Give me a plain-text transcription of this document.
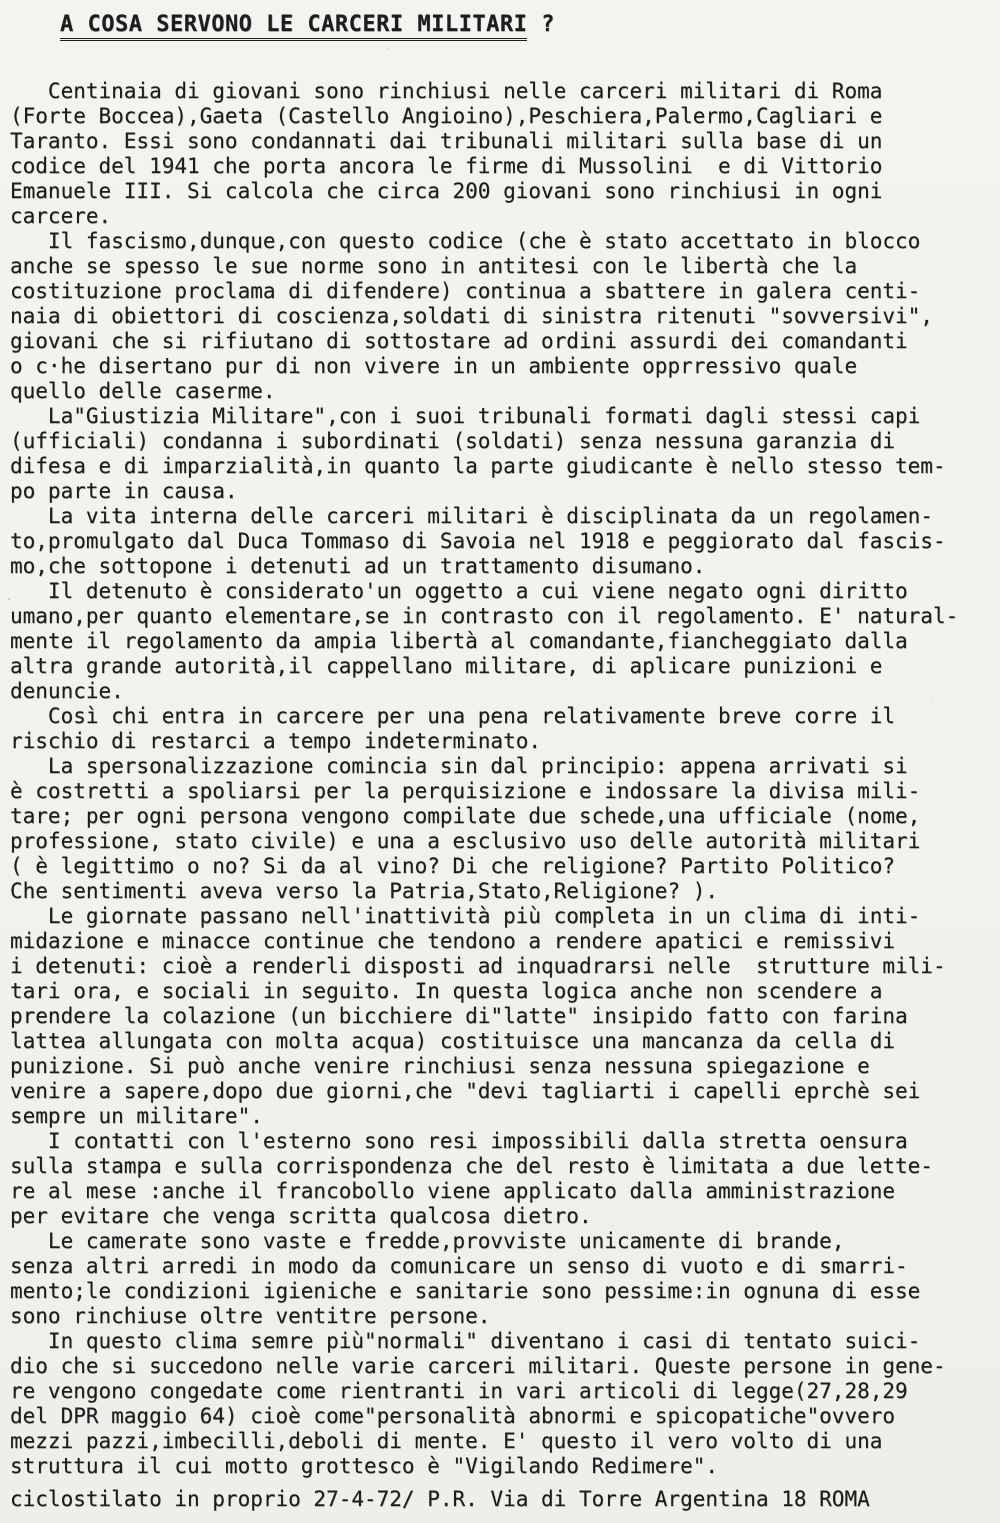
A COSA SERVONO LE CARCERI MILITARI ?
Centinaia di giovani sono rinchiusi nelle carceri militari di Roma
(Forte Boccea),Gaeta (Castello Angioino),Peschiera,Palermo,Cagliari e
Taranto. Essi sono condannati dai tribunali militari sulla base di un
codice del 1941 che porta ancora le firme di Mussolini  e di Vittorio
Emanuele III. Si calcola che circa 200 giovani sono rinchiusi in ogni
carcere.
Il fascismo,dunque,con questo codice (che è stato accettato in blocco
anche se spesso le sue norme sono in antitesi con le libertà che la
costituzione proclama di difendere) continua a sbattere in galera centi-
naia di obiettori di coscienza,soldati di sinistra ritenuti "sovversivi",
giovani che si rifiutano di sottostare ad ordini assurdi dei comandanti
o c·he disertano pur di non vivere in un ambiente opprressivo quale
quello delle caserme.
La"Giustizia Militare",con i suoi tribunali formati dagli stessi capi
(ufficiali) condanna i subordinati (soldati) senza nessuna garanzia di
difesa e di imparzialità,in quanto la parte giudicante è nello stesso tem-
po parte in causa.
La vita interna delle carceri militari è disciplinata da un regolamen-
to,promulgato dal Duca Tommaso di Savoia nel 1918 e peggiorato dal fascis-
mo,che sottopone i detenuti ad un trattamento disumano.
Il detenuto è considerato'un oggetto a cui viene negato ogni diritto
umano,per quanto elementare,se in contrasto con il regolamento. E' natural-
mente il regolamento da ampia libertà al comandante,fiancheggiato dalla
altra grande autorità,il cappellano militare, di aplicare punizioni e
denuncie.
Così chi entra in carcere per una pena relativamente breve corre il
rischio di restarci a tempo indeterminato.
La spersonalizzazione comincia sin dal principio: appena arrivati si
è costretti a spoliarsi per la perquisizione e indossare la divisa mili-
tare; per ogni persona vengono compilate due schede,una ufficiale (nome,
professione, stato civile) e una a esclusivo uso delle autorità militari
( è legittimo o no? Si da al vino? Di che religione? Partito Politico?
Che sentimenti aveva verso la Patria,Stato,Religione? ).
Le giornate passano nell'inattività più completa in un clima di inti-
midazione e minacce continue che tendono a rendere apatici e remissivi
i detenuti: cioè a renderli disposti ad inquadrarsi nelle  strutture mili-
tari ora, e sociali in seguito. In questa logica anche non scendere a
prendere la colazione (un bicchiere di"latte" insipido fatto con farina
lattea allungata con molta acqua) costituisce una mancanza da cella di
punizione. Si può anche venire rinchiusi senza nessuna spiegazione e
venire a sapere,dopo due giorni,che "devi tagliarti i capelli eprchè sei
sempre un militare".
I contatti con l'esterno sono resi impossibili dalla stretta oensura
sulla stampa e sulla corrispondenza che del resto è limitata a due lette-
re al mese :anche il francobollo viene applicato dalla amministrazione
per evitare che venga scritta qualcosa dietro.
Le camerate sono vaste e fredde,provviste unicamente di brande,
senza altri arredi in modo da comunicare un senso di vuoto e di smarri-
mento;le condizioni igieniche e sanitarie sono pessime:in ognuna di esse
sono rinchiuse oltre ventitre persone.
In questo clima semre più"normali" diventano i casi di tentato suici-
dio che si succedono nelle varie carceri militari. Queste persone in gene-
re vengono congedate come rientranti in vari articoli di legge(27,28,29
del DPR maggio 64) cioè come"personalità abnormi e spicopatiche"ovvero
mezzi pazzi,imbecilli,deboli di mente. E' questo il vero volto di una
struttura il cui motto grottesco è "Vigilando Redimere".
ciclostilato in proprio 27-4-72/ P.R. Via di Torre Argentina 18 ROMA
